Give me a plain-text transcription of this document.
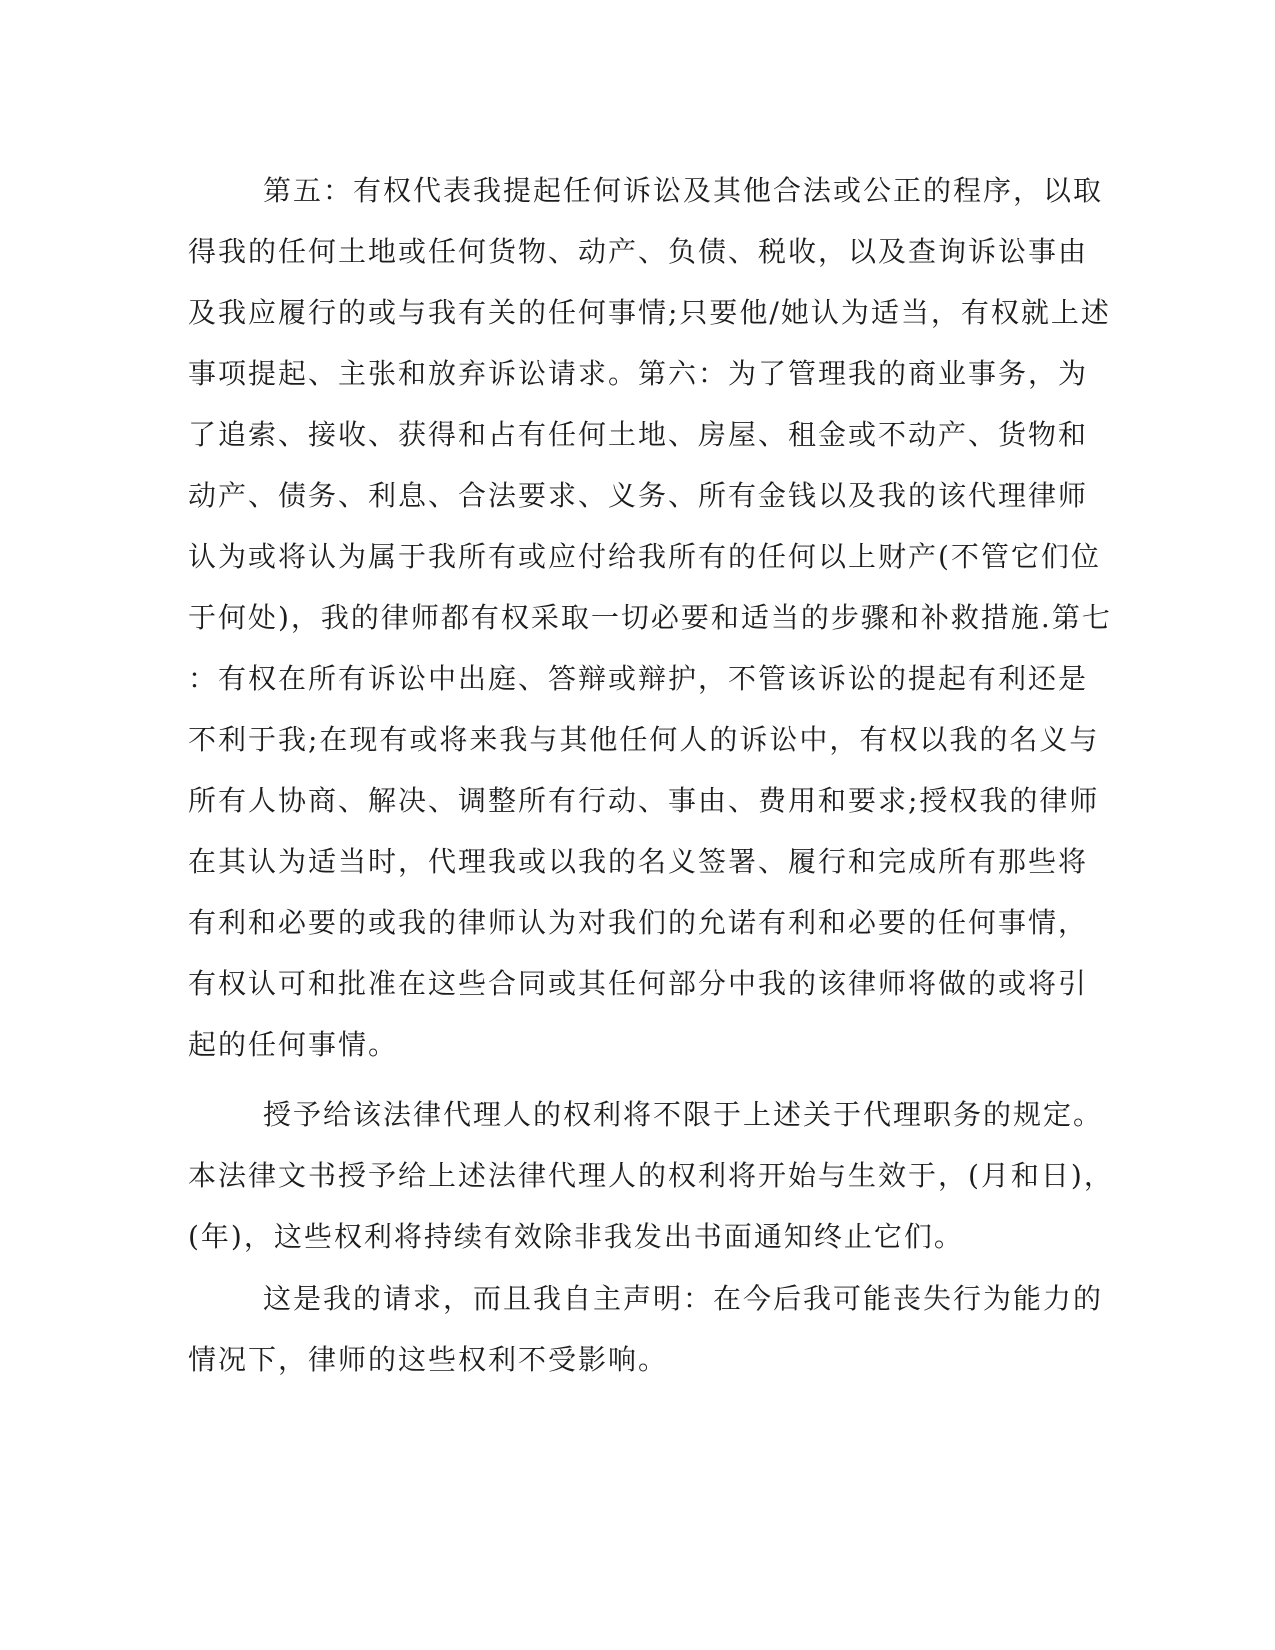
第五：有权代表我提起任何诉讼及其他合法或公正的程序，以取
得我的任何土地或任何货物、动产、负债、税收，以及查询诉讼事由
及我应履行的或与我有关的任何事情;只要他/她认为适当，有权就上述
事项提起、主张和放弃诉讼请求。第六：为了管理我的商业事务，为
了追索、接收、获得和占有任何土地、房屋、租金或不动产、货物和
动产、债务、利息、合法要求、义务、所有金钱以及我的该代理律师
认为或将认为属于我所有或应付给我所有的任何以上财产(不管它们位
于何处)，我的律师都有权采取一切必要和适当的步骤和补救措施.第七
：有权在所有诉讼中出庭、答辩或辩护，不管该诉讼的提起有利还是
不利于我;在现有或将来我与其他任何人的诉讼中，有权以我的名义与
所有人协商、解决、调整所有行动、事由、费用和要求;授权我的律师
在其认为适当时，代理我或以我的名义签署、履行和完成所有那些将
有利和必要的或我的律师认为对我们的允诺有利和必要的任何事情，
有权认可和批准在这些合同或其任何部分中我的该律师将做的或将引
起的任何事情。
授予给该法律代理人的权利将不限于上述关于代理职务的规定。
本法律文书授予给上述法律代理人的权利将开始与生效于，(月和日)，
(年)，这些权利将持续有效除非我发出书面通知终止它们。
这是我的请求，而且我自主声明：在今后我可能丧失行为能力的
情况下，律师的这些权利不受影响。
